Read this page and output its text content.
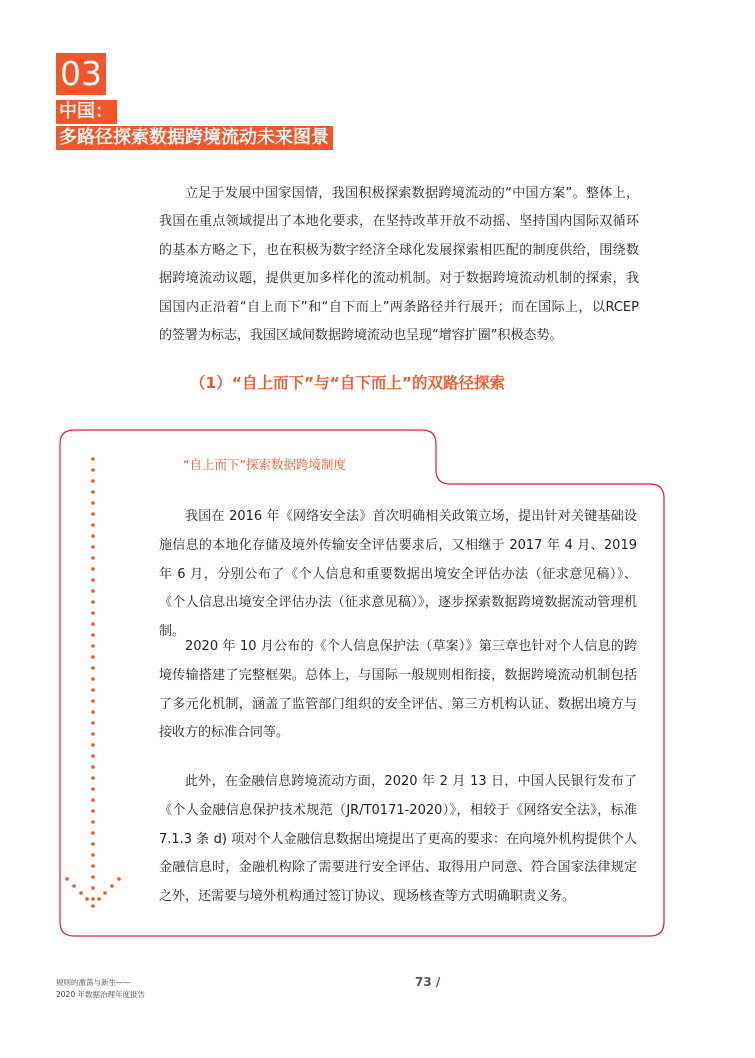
03
中国：
多路径探索数据跨境流动未来图景

立足于发展中国家国情，我国积极探索数据跨境流动的“中国方案”。整体上，我国在重点领域提出了本地化要求，在坚持改革开放不动摇、坚持国内国际双循环的基本方略之下，也在积极为数字经济全球化发展探索相匹配的制度供给，围绕数据跨境流动议题，提供更加多样化的流动机制。对于数据跨境流动机制的探索，我国国内正沿着“自上而下”和“自下而上”两条路径并行展开；而在国际上，以RCEP 的签署为标志，我国区域间数据跨境流动也呈现“增容扩圈”积极态势。

（1）“自上而下”与“自下而上”的双路径探索

“自上而下”探索数据跨境制度

我国在 2016 年《网络安全法》首次明确相关政策立场，提出针对关键基础设施信息的本地化存储及境外传输安全评估要求后，又相继于 2017 年 4 月、2019 年 6 月，分别公布了《个人信息和重要数据出境安全评估办法（征求意见稿）》、《个人信息出境安全评估办法（征求意见稿）》，逐步探索数据跨境数据流动管理机制。

2020 年 10 月公布的《个人信息保护法（草案）》第三章也针对个人信息的跨境传输搭建了完整框架。总体上，与国际一般规则相衔接，数据跨境流动机制包括了多元化机制，涵盖了监管部门组织的安全评估、第三方机构认证、数据出境方与接收方的标准合同等。

此外，在金融信息跨境流动方面，2020 年 2 月 13 日，中国人民银行发布了《个人金融信息保护技术规范（JR/T0171-2020）》，相较于《网络安全法》，标准 7.1.3 条 d) 项对个人金融信息数据出境提出了更高的要求：在向境外机构提供个人金融信息时，金融机构除了需要进行安全评估、取得用户同意、符合国家法律规定之外，还需要与境外机构通过签订协议、现场核查等方式明确职责义务。

规则的激荡与新生——
2020 年数据治理年度报告
73 /
